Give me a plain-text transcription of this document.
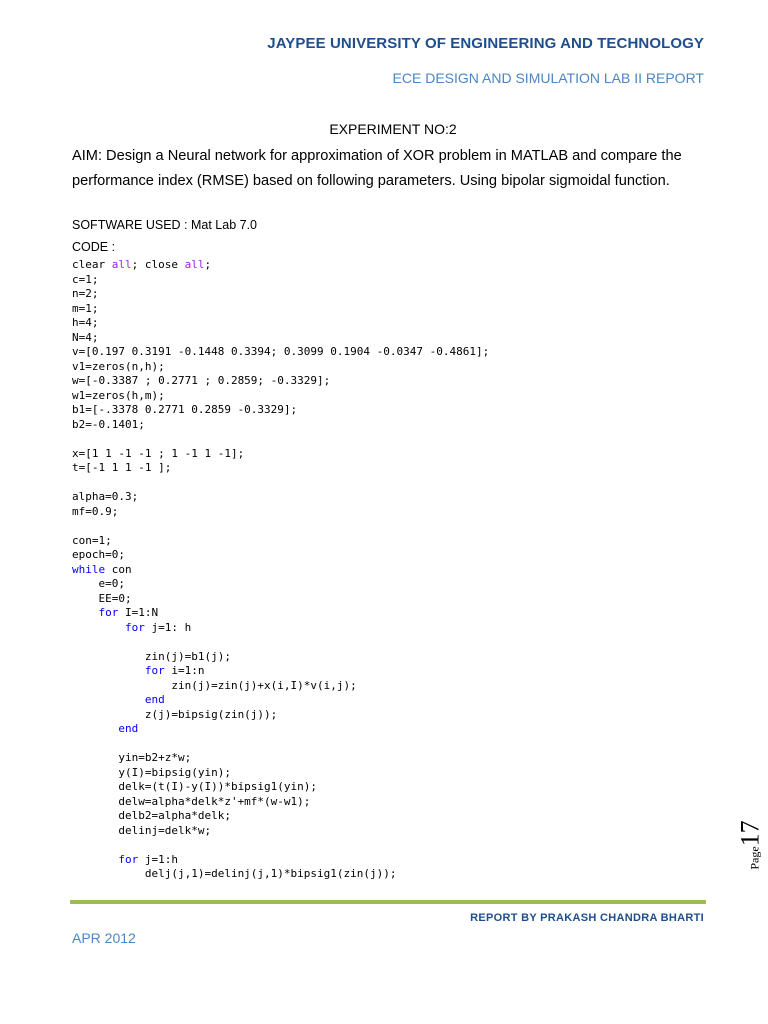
JAYPEE UNIVERSITY OF ENGINEERING AND TECHNOLOGY
ECE DESIGN AND SIMULATION LAB II REPORT
EXPERIMENT NO:2
AIM: Design a Neural network for approximation of XOR problem in MATLAB and compare the performance index (RMSE) based on following parameters. Using bipolar sigmoidal function.
SOFTWARE USED : Mat Lab 7.0
CODE :
clear all; close all;
c=1;
n=2;
m=1;
h=4;
N=4;
v=[0.197 0.3191 -0.1448 0.3394; 0.3099 0.1904 -0.0347 -0.4861];
v1=zeros(n,h);
w=[-0.3387 ; 0.2771 ; 0.2859; -0.3329];
w1=zeros(h,m);
b1=[-.3378 0.2771 0.2859 -0.3329];
b2=-0.1401;
x=[1 1 -1 -1 ; 1 -1 1 -1];
t=[-1 1 1 -1 ];
alpha=0.3;
mf=0.9;
con=1;
epoch=0;
while con
e=0;
EE=0;
for I=1:N
for j=1: h
zin(j)=b1(j);
for i=1:n
zin(j)=zin(j)+x(i,I)*v(i,j);
end
z(j)=bipsig(zin(j));
end
yin=b2+z*w;
y(I)=bipsig(yin);
delk=(t(I)-y(I))*bipsig1(yin);
delw=alpha*delk*z'+mf*(w-w1);
delb2=alpha*delk;
delinj=delk*w;
for j=1:h
delj(j,1)=delinj(j,1)*bipsig1(zin(j));
Page17
REPORT BY PRAKASH CHANDRA BHARTI
APR 2012
